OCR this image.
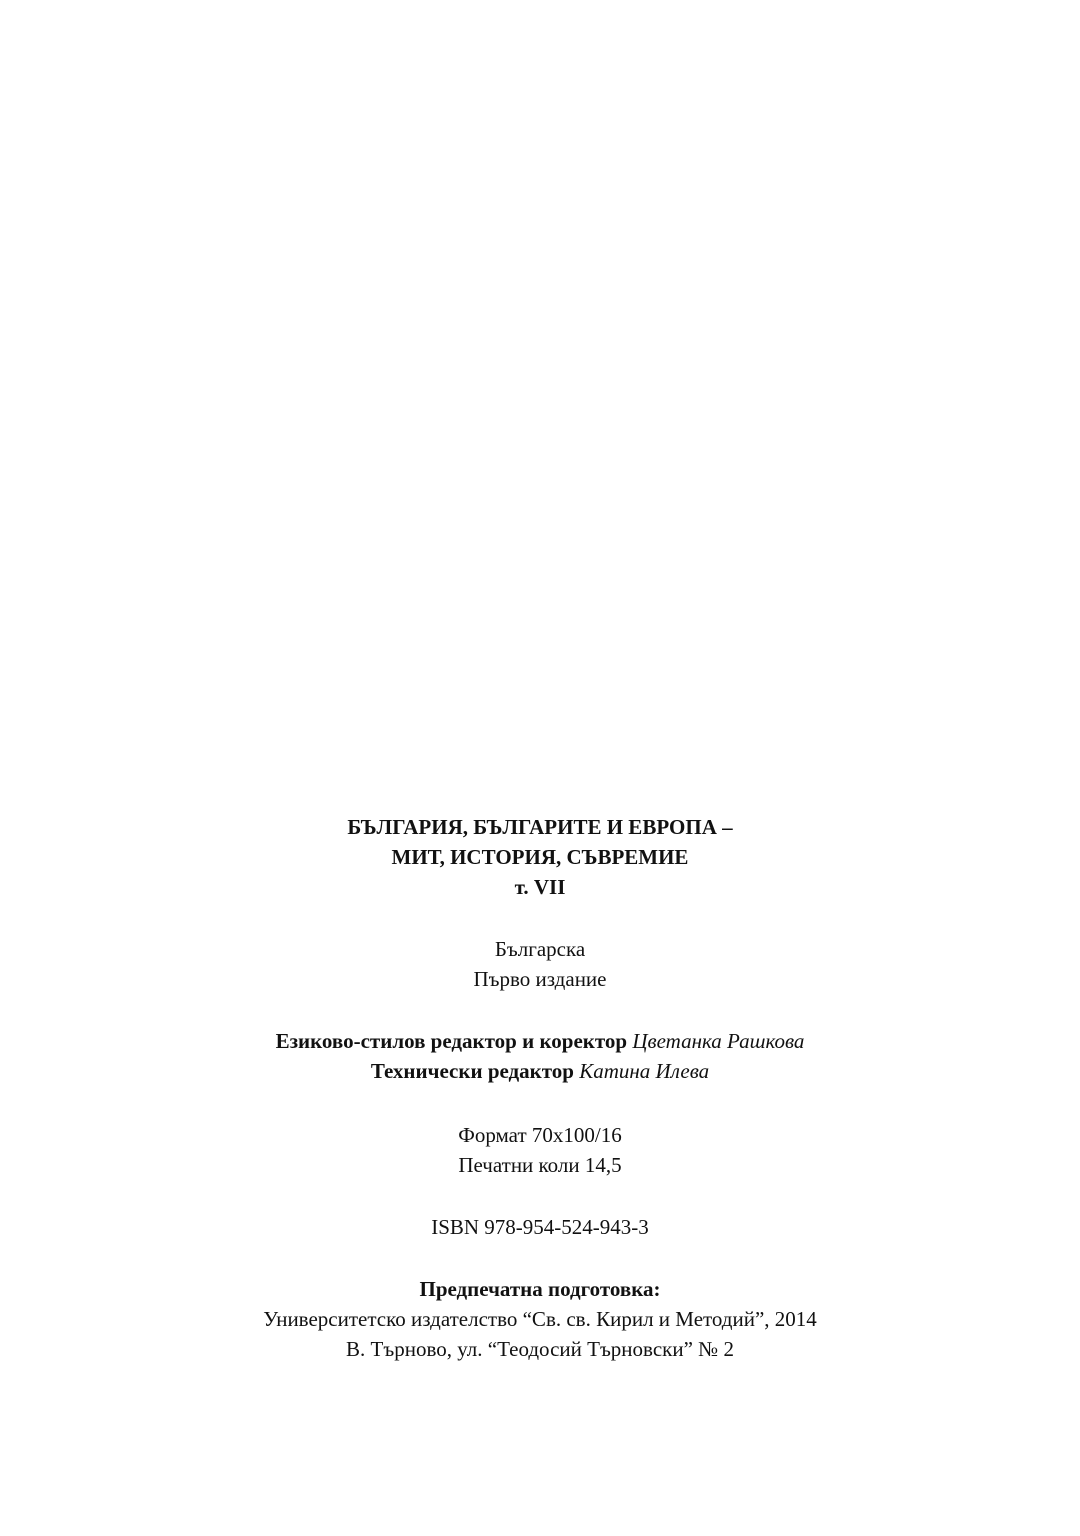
БЪЛГАРИЯ, БЪЛГАРИТЕ И ЕВРОПА –
МИТ, ИСТОРИЯ, СЪВРЕМИЕ
т. VII
Българска
Първо издание
Езиково-стилов редактор и коректор Цветанка Рашкова
Технически редактор Катина Илева
Формат 70х100/16
Печатни коли 14,5
ISBN 978-954-524-943-3
Предпечатна подготовка:
Университетско издателство “Св. св. Кирил и Методий”, 2014
В. Търново, ул. “Теодосий Търновски” № 2
